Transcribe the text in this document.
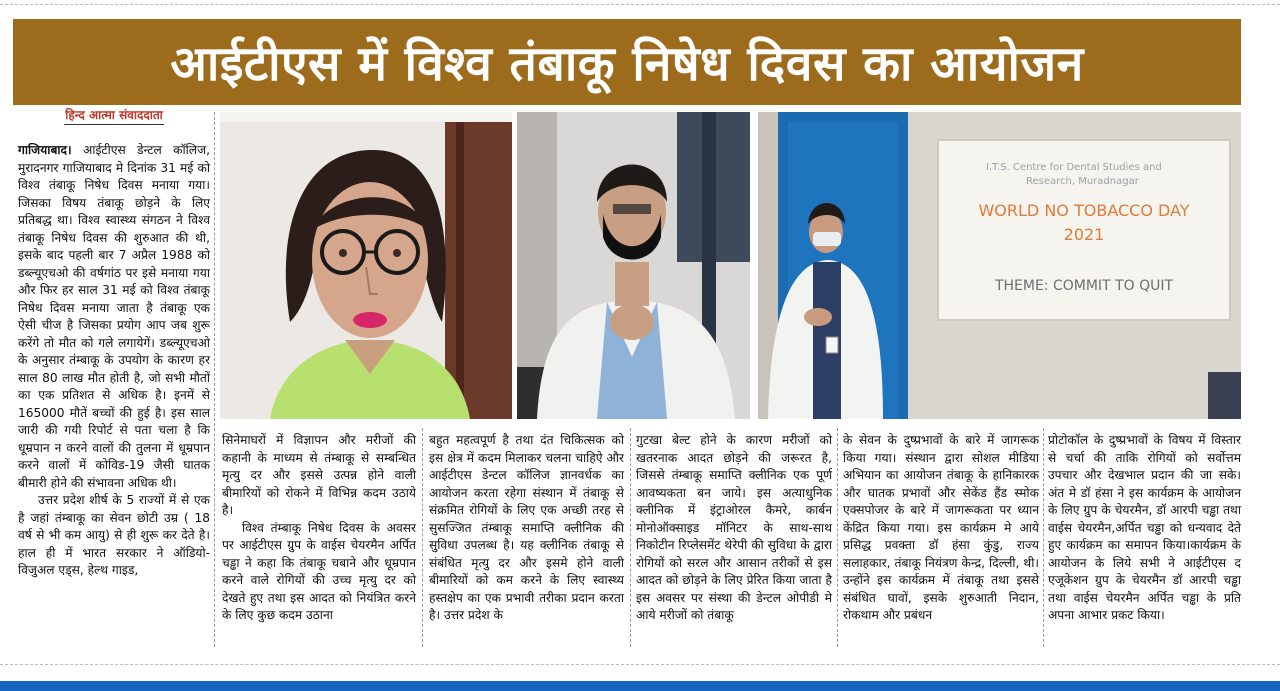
आईटीएस में विश्व तंबाकू निषेध दिवस का आयोजन
हिन्द आत्मा संवाददाता

गाजियाबाद। आईटीएस डेन्टल कॉलिज, मुरादनगर गाजियाबाद मे दिनांक 31 मई को विश्व तंबाकू निषेध दिवस मनाया गया। जिसका विषय तंबाकू छोड़ने के लिए प्रतिबद्ध था। विश्व स्वास्थ्य संगठन ने विश्व तंबाकू निषेध दिवस की शुरुआत की थी, इसके बाद पहली बार 7 अप्रैल 1988 को डब्ल्यूएचओ की वर्षगांठ पर इसे मनाया गया और फिर हर साल 31 मई को विश्व तंबाकू निषेध दिवस मनाया जाता है तंबाकू एक ऐसी चीज है जिसका प्रयोग आप जब शुरू करेंगे तो मौत को गले लगायेगें। डब्ल्यूएचओ के अनुसार तंम्बाकू के उपयोग के कारण हर साल 80 लाख मौत होती है, जो सभी मौतों का एक प्रतिशत से अधिक है। इनमें से 165000 मौतें बच्चों की हुई है। इस साल जारी की गयी रिपोर्ट से पता चला है कि धूम्रपान न करने वालों की तुलना में धूम्रपान करने वालों में कोविड-19 जैसी घातक बीमारी होने की संभावना अधिक थी।
उत्तर प्रदेश शीर्ष के 5 राज्यों में से एक है जहां तंम्बाकू का सेवन छोटी उम्र ( 18 वर्ष से भी कम आयु) से ही शुरू कर देते है। हाल ही में भारत सरकार ने ऑडियो-विजुअल एड्स, हेल्थ गाइड,

I.T.S. Centre for Dental Studies and
Research, Muradnagar
WORLD NO TOBACCO DAY
2021
THEME: COMMIT TO QUIT

सिनेमाघरों में विज्ञापन और मरीजों की कहानी के माध्यम से तंम्बाकू से सम्बन्धित मृत्यु दर और इससे उत्पन्न होने वाली बीमारियों को रोकने में विभिन्न कदम उठाये है।
विश्व तंम्बाकू निषेध दिवस के अवसर पर आईटीएस ग्रुप के वाईस चेयरमैन अर्पित चड्ढा ने कहा कि तंबाकू चबाने और धूम्रपान करने वाले रोगियों की उच्च मृत्यु दर को देखते हुए तथा इस आदत को नियंत्रित करने के लिए कुछ कदम उठाना

बहुत महत्वपूर्ण है तथा दंत चिकित्सक को इस क्षेत्र में कदम मिलाकर चलना चाहिऐ और आईटीएस डेन्टल कॉलिज ज्ञानवर्धक का आयोजन करता रहेगा संस्थान में तंबाकू से संक्रमित रोगियों के लिए एक अच्छी तरह से सुसज्जित तंम्बाकू समाप्ति क्लीनिक की सुविधा उपलब्ध है। यह क्लीनिक तंबाकू से संबंधित मृत्यु दर और इसमे होने वाली बीमारियों को कम करने के लिए स्वास्थ्य हस्तक्षेप का एक प्रभावी तरीका प्रदान करता है। उत्तर प्रदेश के

गुटखा बेल्ट होने के कारण मरीजों को खतरनाक आदत छोड़ने की जरूरत है, जिससे तंम्बाकू समाप्ति क्लीनिक एक पूर्ण आवष्यकता बन जाये। इस अत्याधुनिक क्लीनिक में इंट्राओरल कैमरे, कार्बन मोनोऑक्साइड मॉनिटर के साथ-साथ निकोटीन रिप्लेसमेंट थेरेपी की सुविधा के द्वारा रोगियों को सरल और आसान तरीकों से इस आदत को छोड़ने के लिए प्रेरित किया जाता है इस अवसर पर संस्था की डेन्टल ओपीडी मे आये मरीजों को तंबाकू

के सेवन के दुष्प्रभावों के बारे में जागरूक किया गया। संस्थान द्वारा सोशल मीडिया अभियान का आयोजन तंबाकू के हानिकारक और घातक प्रभावों और सेकेंड हैंड स्मोक एक्सपोजर के बारे में जागरूकता पर ध्यान केंद्रित किया गया। इस कार्यक्रम मे आये प्रसिद्ध प्रवक्ता डॉ हंसा कुंडु, राज्य सलाहकार, तंबाकू नियंत्रण केन्द्र, दिल्ली, थी। उन्होंने इस कार्यक्रम में तंबाकू तथा इससे संबंधित घावों, इसके शुरुआती निदान, रोकथाम और प्रबंधन

प्रोटोकॉल के दुष्प्रभावों के विषय में विस्तार से चर्चा की ताकि रोगियों को सर्वोत्तम उपचार और देखभाल प्रदान की जा सके। अंत मे डॉ हंसा ने इस कार्यक्रम के आयोजन के लिए ग्रुप के चेयरमैन, डॉ आरपी चड्ढा तथा वाईस चेयरमैन,अर्पित चड्ढा को धन्यवाद देते हुए कार्यक्रम का समापन किया।कार्यक्रम के आयोजन के लिये सभी ने आईटीएस द एजूकेशन ग्रुप के चेयरमैन डॉ आरपी चड्ढा तथा वाईस चेयरमैन अर्पित चड्ढा के प्रति अपना आभार प्रकट किया।
